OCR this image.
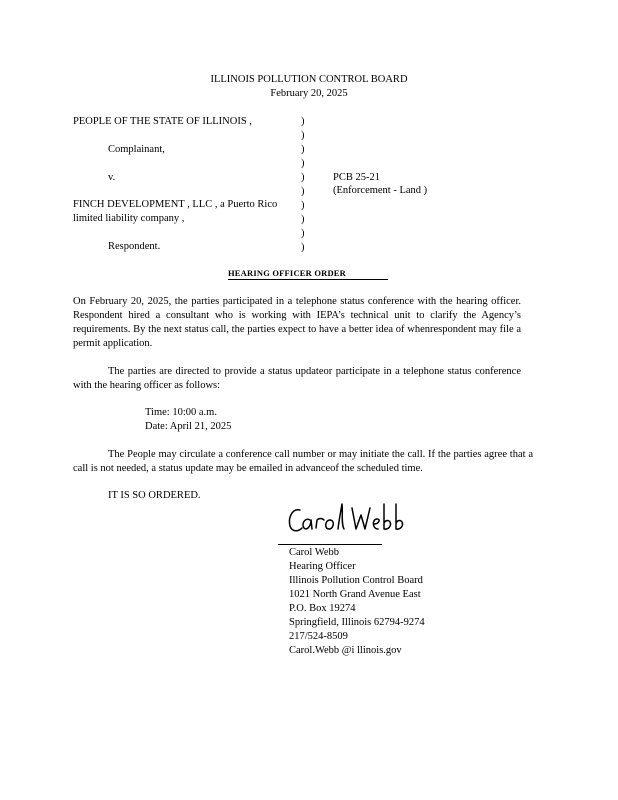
ILLINOIS POLLUTION CONTROL BOARD
February 20, 2025
PEOPLE OF THE STATE OF ILLINOIS ,
Complainant,
v.
FINCH DEVELOPMENT , LLC , a Puerto Rico
limited liability company ,
Respondent.
)
)
)
)
)
)
)
)
)
)
PCB 25-21
(Enforcement - Land )
HEARING OFFICER ORDER
On February 20, 2025, the parties participated in a telephone status conference with the hearing officer. Respondent hired a consultant who is working with IEPA’s technical unit to clarify the Agency’s requirements. By the next status call, the parties expect to have a better idea of whenrespondent may file a permit application.
The parties are directed to provide a status updateor participate in a telephone status conference with the hearing officer as follows:
Time: 10:00 a.m.
Date: April 21, 2025
The People may circulate a conference call number or may initiate the call. If the parties agree that a call is not needed, a status update may be emailed in advanceof the scheduled time.
IT IS SO ORDERED.
Carol Webb
Hearing Officer
Illinois Pollution Control Board
1021 North Grand Avenue East
P.O. Box 19274
Springfield, Illinois 62794-9274
217/524-8509
Carol.Webb @i llinois.gov
